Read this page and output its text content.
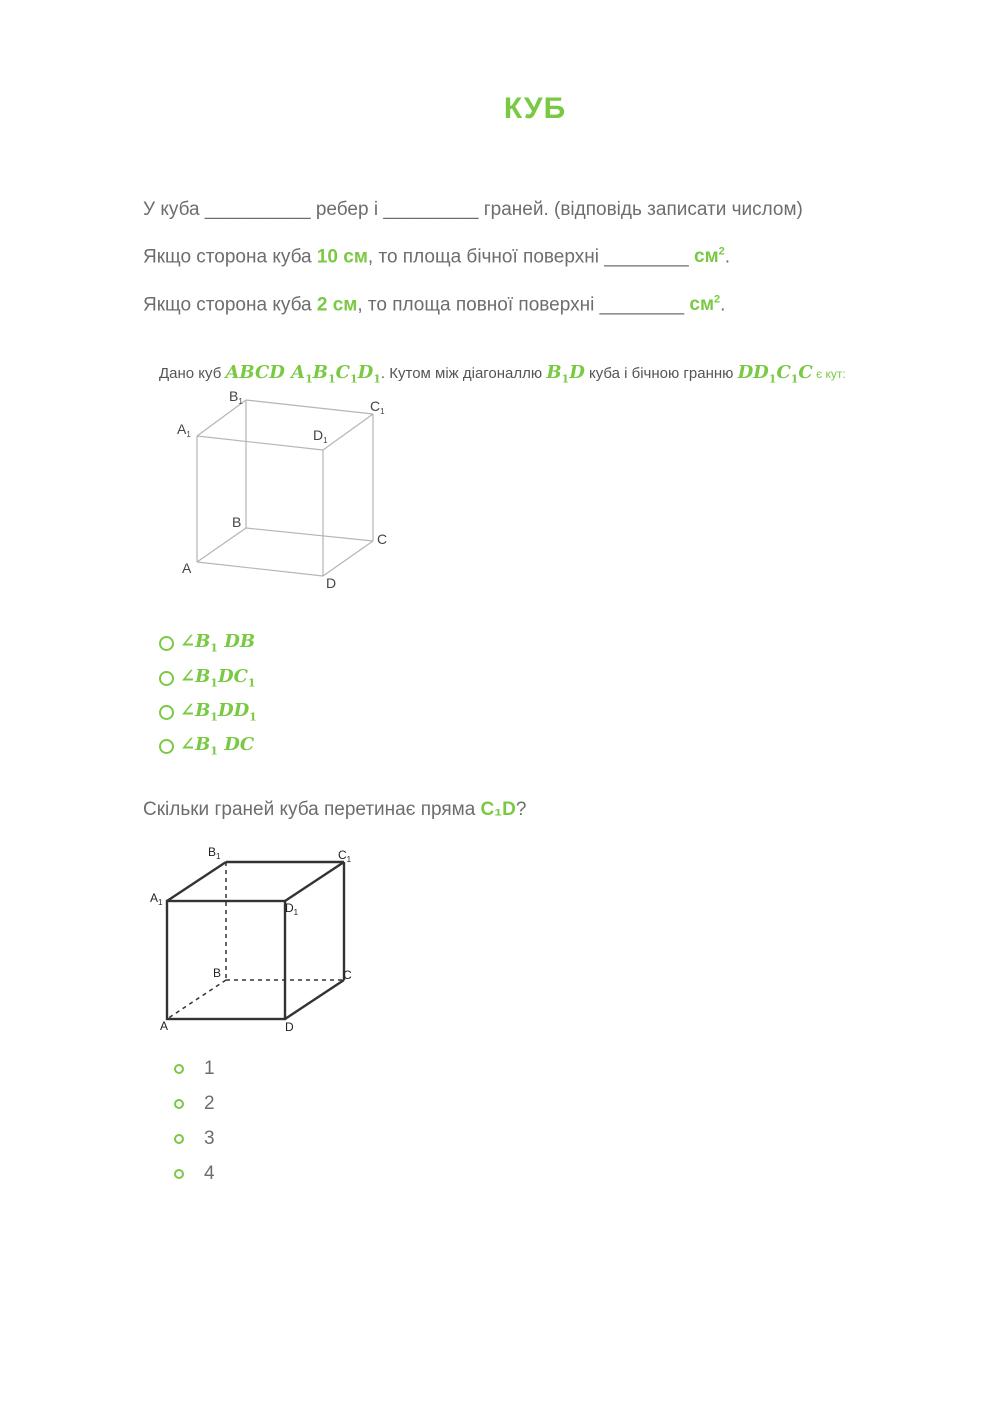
КУБ
У куба __________ ребер і _________ граней. (відповідь записати числом)
Якщо сторона куба 10 см, то площа бічної поверхні ________ $см^2$.
Якщо сторона куба 2 см, то площа повної поверхні ________ $см^2$.
Дано куб ABCD $A_1B_1C_1D_1$. Кутом між діагоналлю $B_1D$ куба і бічною гранню $DD_1C_1C$ є кут:
$A_1$
$B_1$	$C_1$
$D_1$
B
C
A
D
$\angle B_1$ DB
$\angle B_1DC_1$
$\angle B_1DD_1$
$\angle B_1$ DC
Скільки граней куба перетинає пряма C₁D?
$A_1$
$B_1$	$C_1$
$D_1$
B	C
A	D
1
2
3
4
